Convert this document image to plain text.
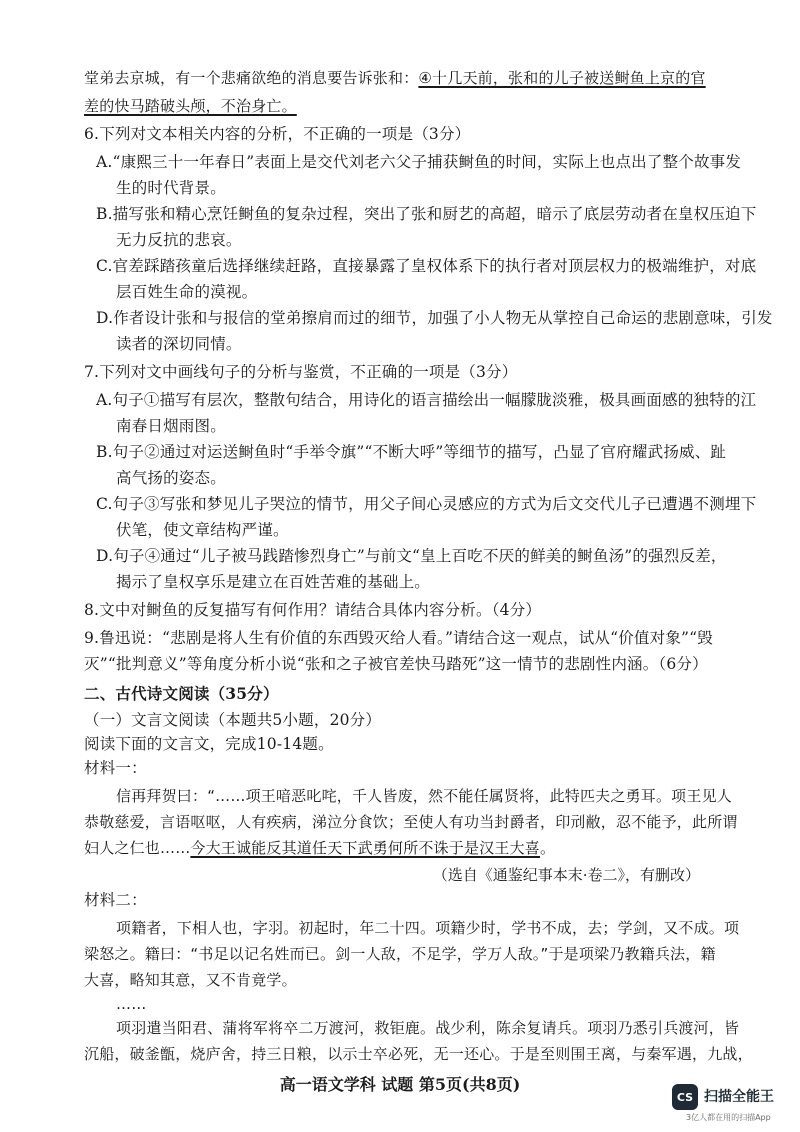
堂弟去京城，有一个悲痛欲绝的消息要告诉张和：④十几天前，张和的儿子被送鲥鱼上京的官
差的快马踏破头颅，不治身亡。
6.下列对文本相关内容的分析，不正确的一项是（3分）
A.“康熙三十一年春日”表面上是交代刘老六父子捕获鲥鱼的时间，实际上也点出了整个故事发
生的时代背景。
B.描写张和精心烹饪鲥鱼的复杂过程，突出了张和厨艺的高超，暗示了底层劳动者在皇权压迫下
无力反抗的悲哀。
C.官差踩踏孩童后选择继续赶路，直接暴露了皇权体系下的执行者对顶层权力的极端维护，对底
层百姓生命的漠视。
D.作者设计张和与报信的堂弟擦肩而过的细节，加强了小人物无从掌控自己命运的悲剧意味，引发
读者的深切同情。
7.下列对文中画线句子的分析与鉴赏，不正确的一项是（3分）
A.句子①描写有层次，整散句结合，用诗化的语言描绘出一幅朦胧淡雅，极具画面感的独特的江
南春日烟雨图。
B.句子②通过对运送鲥鱼时“手举令旗”“不断大呼”等细节的描写，凸显了官府耀武扬威、趾
高气扬的姿态。
C.句子③写张和梦见儿子哭泣的情节，用父子间心灵感应的方式为后文交代儿子已遭遇不测埋下
伏笔，使文章结构严谨。
D.句子④通过“儿子被马践踏惨烈身亡”与前文“皇上百吃不厌的鲜美的鲥鱼汤”的强烈反差，
揭示了皇权享乐是建立在百姓苦难的基础上。
8.文中对鲥鱼的反复描写有何作用？请结合具体内容分析。（4分）
9.鲁迅说：“悲剧是将人生有价值的东西毁灭给人看。”请结合这一观点，试从“价值对象”“毁
灭”“批判意义”等角度分析小说“张和之子被官差快马踏死”这一情节的悲剧性内涵。（6分）
二、古代诗文阅读（35分）
（一）文言文阅读（本题共5小题，20分）
阅读下面的文言文，完成10-14题。
材料一：
信再拜贺曰：“……项王喑恶叱咤，千人皆废，然不能任属贤将，此特匹夫之勇耳。项王见人
恭敬慈爱，言语呕呕，人有疾病，涕泣分食饮；至使人有功当封爵者，印刓敝，忍不能予，此所谓
妇人之仁也……今大王诚能反其道任天下武勇何所不诛于是汉王大喜。
（选自《通鉴纪事本末·卷二》，有删改）
材料二：
项籍者，下相人也，字羽。初起时，年二十四。项籍少时，学书不成，去；学剑，又不成。项
梁怒之。籍曰：“书足以记名姓而已。剑一人敌，不足学，学万人敌。”于是项梁乃教籍兵法，籍
大喜，略知其意，又不肯竟学。
……
项羽遣当阳君、蒲将军将卒二万渡河，救钜鹿。战少利，陈余复请兵。项羽乃悉引兵渡河，皆
沉船，破釜甑，烧庐舍，持三日粮，以示士卒必死，无一还心。于是至则围王离，与秦军遇，九战，
高一语文学科 试题 第5页(共8页)
CS 扫描全能王
3亿人都在用的扫描App
